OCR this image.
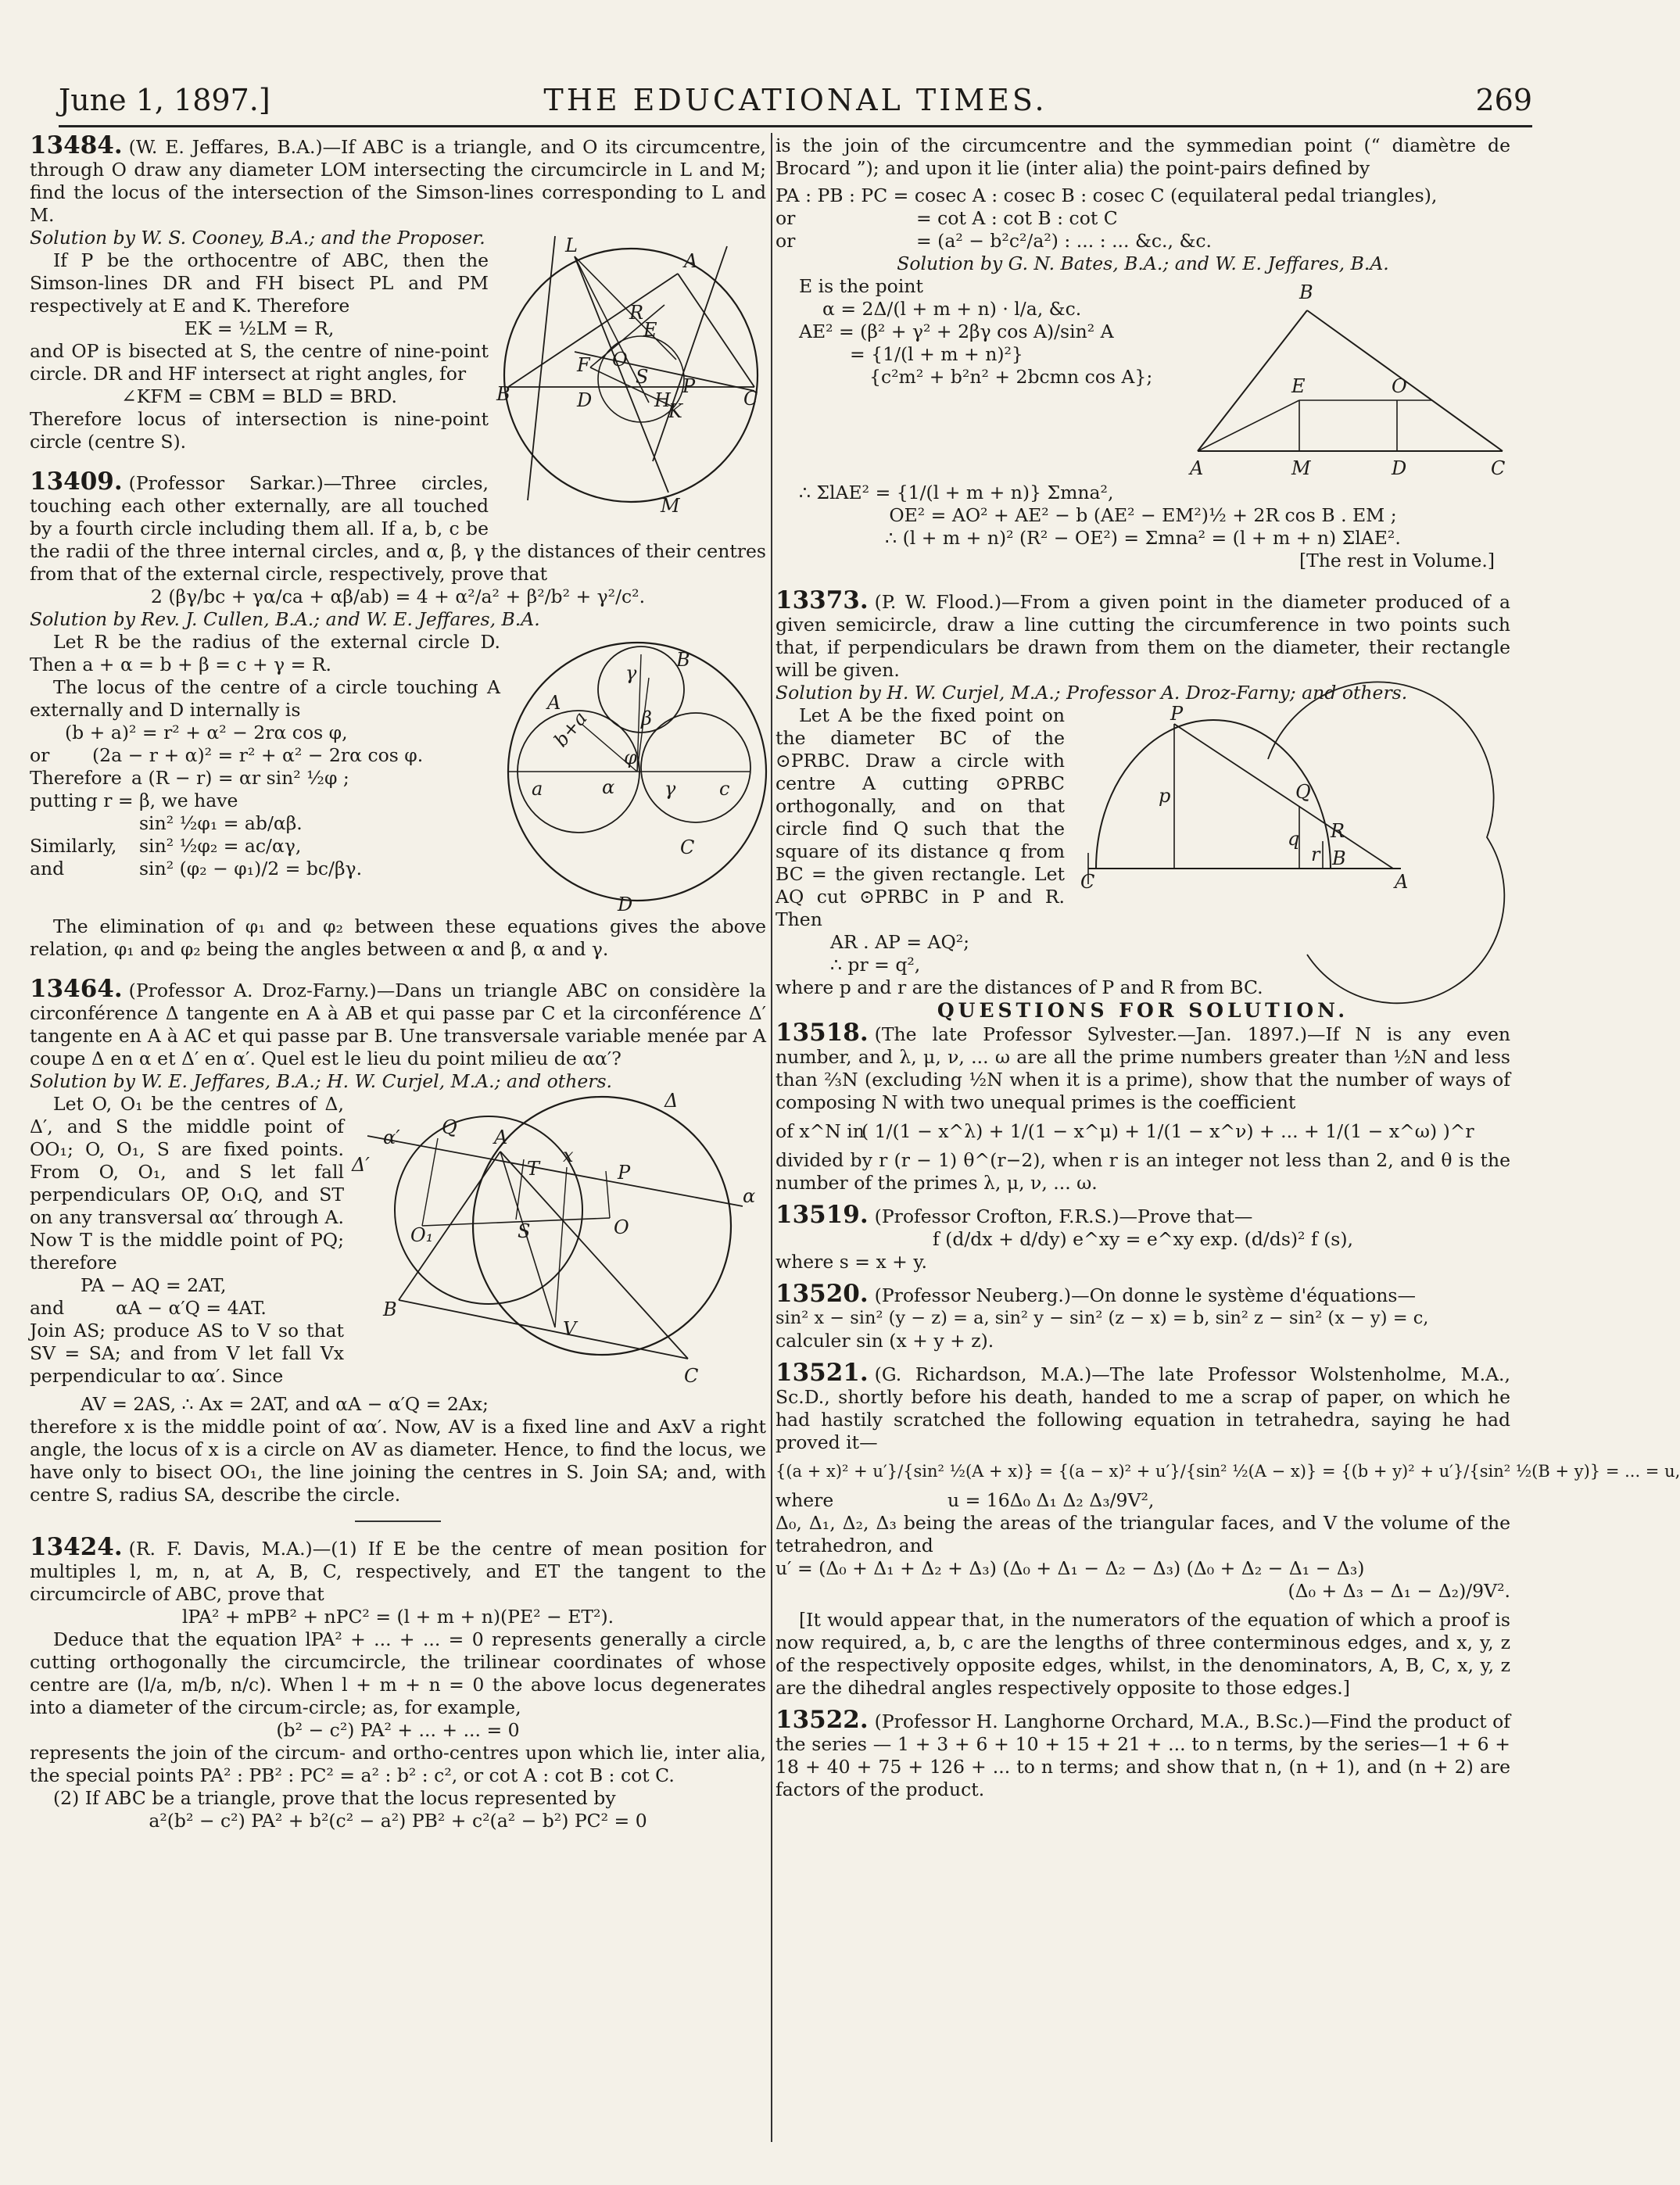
June 1, 1897.]	THE EDUCATIONAL TIMES.	269

13484. (W. E. Jeffares, B.A.)—If ABC is a triangle, and O its circumcentre, through O draw any diameter LOM intersecting the circumcircle in L and M; find the locus of the intersection of the Simson-lines corresponding to L and M.

L
A
R
E
F O
S P
B	D	H
K
C
M

Solution by W. S. Cooney, B.A.; and the Proposer.

If P be the orthocentre of ABC, then the Simson-lines DR and FH bisect PL and PM respectively at E and K. Therefore

EK = ½LM = R,

and OP is bisected at S, the centre of nine-point circle. DR and HF intersect at right angles, for

∠KFM = CBM = BLD = BRD.

Therefore locus of intersection is nine-point circle (centre S).

13409. (Professor Sarkar.)—Three circles, touching each other externally, are all touched by a fourth circle including them all. If a, b, c be the radii of the three internal circles, and α, β, γ the distances of their centres from that of the external circle, respectively, prove that

2 (βγ/bc + γα/ca + αβ/ab) = 4 + α²/a² + β²/b² + γ²/c².

Solution by Rev. J. Cullen, B.A.; and W. E. Jeffares, B.A.

B
A
γ
β
a	α	γ c
C
D
b+a
φ

Let R be the radius of the external circle D. Then a + α = b + β = c + γ = R.

The locus of the centre of a circle touching A externally and D internally is

(b + a)² = r² + α² − 2rα cos φ,

or (2a − r + α)² = r² + α² − 2rα cos φ.

Therefore a (R − r) = αr sin² ½φ ;

putting r = β, we have

sin² ½φ₁ = ab/αβ.

Similarly, sin² ½φ₂ = ac/αγ,

and	sin² (φ₂ − φ₁)/2 = bc/βγ.

The elimination of φ₁ and φ₂ between these equations gives the above relation, φ₁ and φ₂ being the angles between α and β, α and γ.

13464. (Professor A. Droz-Farny.)—Dans un triangle ABC on considère la circonférence Δ tangente en A à AB et qui passe par C et la circonférence Δ′ tangente en A à AC et qui passe par B. Une transversale variable menée par A coupe Δ en α et Δ′ en α′. Quel est le lieu du point milieu de αα′?

Solution by W. E. Jeffares, B.A.; H. W. Curjel, M.A.; and others.

Δ
Q A
α′
Δ′	x
P
α
T
S
O₁	O
V
B
C

Let O, O₁ be the centres of Δ, Δ′, and S the middle point of OO₁; O, O₁, S are fixed points. From O, O₁, and S let fall perpendiculars OP, O₁Q, and ST on any transversal αα′ through A. Now T is the middle point of PQ; therefore

PA − AQ = 2AT,

and	αA − α′Q = 4AT.

Join AS; produce AS to V so that SV = SA; and from V let fall Vx perpendicular to αα′. Since

AV = 2AS, ∴ Ax = 2AT, and αA − α′Q = 2Ax;

therefore x is the middle point of αα′. Now, AV is a fixed line and AxV a right angle, the locus of x is a circle on AV as diameter. Hence, to find the locus, we have only to bisect OO₁, the line joining the centres in S. Join SA; and, with centre S, radius SA, describe the circle.

13424. (R. F. Davis, M.A.)—(1) If E be the centre of mean position for multiples l, m, n, at A, B, C, respectively, and ET the tangent to the circumcircle of ABC, prove that

lPA² + mPB² + nPC² = (l + m + n)(PE² − ET²).

Deduce that the equation lPA² + ... + ... = 0 represents generally a circle cutting orthogonally the circumcircle, the trilinear coordinates of whose centre are (l/a, m/b, n/c). When l + m + n = 0 the above locus degenerates into a diameter of the circum-circle; as, for example,

(b² − c²) PA² + ... + ... = 0

represents the join of the circum- and ortho-centres upon which lie, inter alia, the special points PA² : PB² : PC² = a² : b² : c², or cot A : cot B : cot C.

(2) If ABC be a triangle, prove that the locus represented by

a²(b² − c²) PA² + b²(c² − a²) PB² + c²(a² − b²) PC² = 0

is the join of the circumcentre and the symmedian point (“ diamètre de Brocard ”); and upon it lie (inter alia) the point-pairs defined by

PA : PB : PC = cosec A : cosec B : cosec C (equilateral pedal triangles),

or	= cot A : cot B : cot C

or	= (a² − b²c²/a²) : ... : ... &c., &c.

Solution by G. N. Bates, B.A.; and W. E. Jeffares, B.A.

B
E	O
A	M	D	C

E is the point

α = 2Δ/(l + m + n) · l/a, &c.

AE² = (β² + γ² + 2βγ cos A)/sin² A

= {1/(l + m + n)²}

{c²m² + b²n² + 2bcmn cos A};

∴ ΣlAE² = {1/(l + m + n)} Σmna²,

OE² = AO² + AE² − b (AE² − EM²)½ + 2R cos B . EM ;

∴ (l + m + n)² (R² − OE²) = Σmna² = (l + m + n) ΣlAE².

[The rest in Volume.]

13373. (P. W. Flood.)—From a given point in the diameter produced of a given semicircle, draw a line cutting the circumference in two points such that, if perpendiculars be drawn from them on the diameter, their rectangle will be given.

Solution by H. W. Curjel, M.A.; Professor A. Droz-Farny; and others.

P
p	Q
R
q
r B
C	A

Let A be the fixed point on the diameter BC of the ⊙PRBC. Draw a circle with centre A cutting ⊙PRBC orthogonally, and on that circle find Q such that the square of its distance q from BC = the given rectangle. Let AQ cut ⊙PRBC in P and R. Then

AR . AP = AQ²;

∴ pr = q²,

where p and r are the distances of P and R from BC.

QUESTIONS FOR SOLUTION.

13518. (The late Professor Sylvester.—Jan. 1897.)—If N is any even number, and λ, μ, ν, ... ω are all the prime numbers greater than ½N and less than ⅔N (excluding ½N when it is a prime), show that the number of ways of composing N with two unequal primes is the coefficient

of x^N in( 1/(1 − x^λ) + 1/(1 − x^μ) + 1/(1 − x^ν) + ... + 1/(1 − x^ω) )^r

divided by r (r − 1) θ^(r−2), when r is an integer not less than 2, and θ is the number of the primes λ, μ, ν, ... ω.

13519. (Professor Crofton, F.R.S.)—Prove that—

f (d/dx + d/dy) e^xy = e^xy exp. (d/ds)² f (s),

where s = x + y.

13520. (Professor Neuberg.)—On donne le système d'équations—

sin² x − sin² (y − z) = a, sin² y − sin² (z − x) = b, sin² z − sin² (x − y) = c,

calculer sin (x + y + z).

13521. (G. Richardson, M.A.)—The late Professor Wolstenholme, M.A., Sc.D., shortly before his death, handed to me a scrap of paper, on which he had hastily scratched the following equation in tetrahedra, saying he had proved it—

{(a + x)² + u′}/{sin² ½(A + x)} = {(a − x)² + u′}/{sin² ½(A − x)} = {(b + y)² + u′}/{sin² ½(B + y)} = ... = u,

where	u = 16Δ₀ Δ₁ Δ₂ Δ₃/9V²,

Δ₀, Δ₁, Δ₂, Δ₃ being the areas of the triangular faces, and V the volume of the tetrahedron, and

u′ = (Δ₀ + Δ₁ + Δ₂ + Δ₃) (Δ₀ + Δ₁ − Δ₂ − Δ₃) (Δ₀ + Δ₂ − Δ₁ − Δ₃)

(Δ₀ + Δ₃ − Δ₁ − Δ₂)/9V².

[It would appear that, in the numerators of the equation of which a proof is now required, a, b, c are the lengths of three conterminous edges, and x, y, z of the respectively opposite edges, whilst, in the denominators, A, B, C, x, y, z are the dihedral angles respectively opposite to those edges.]

13522. (Professor H. Langhorne Orchard, M.A., B.Sc.)—Find the product of the series — 1 + 3 + 6 + 10 + 15 + 21 + ... to n terms, by the series—1 + 6 + 18 + 40 + 75 + 126 + ... to n terms; and show that n, (n + 1), and (n + 2) are factors of the product.
